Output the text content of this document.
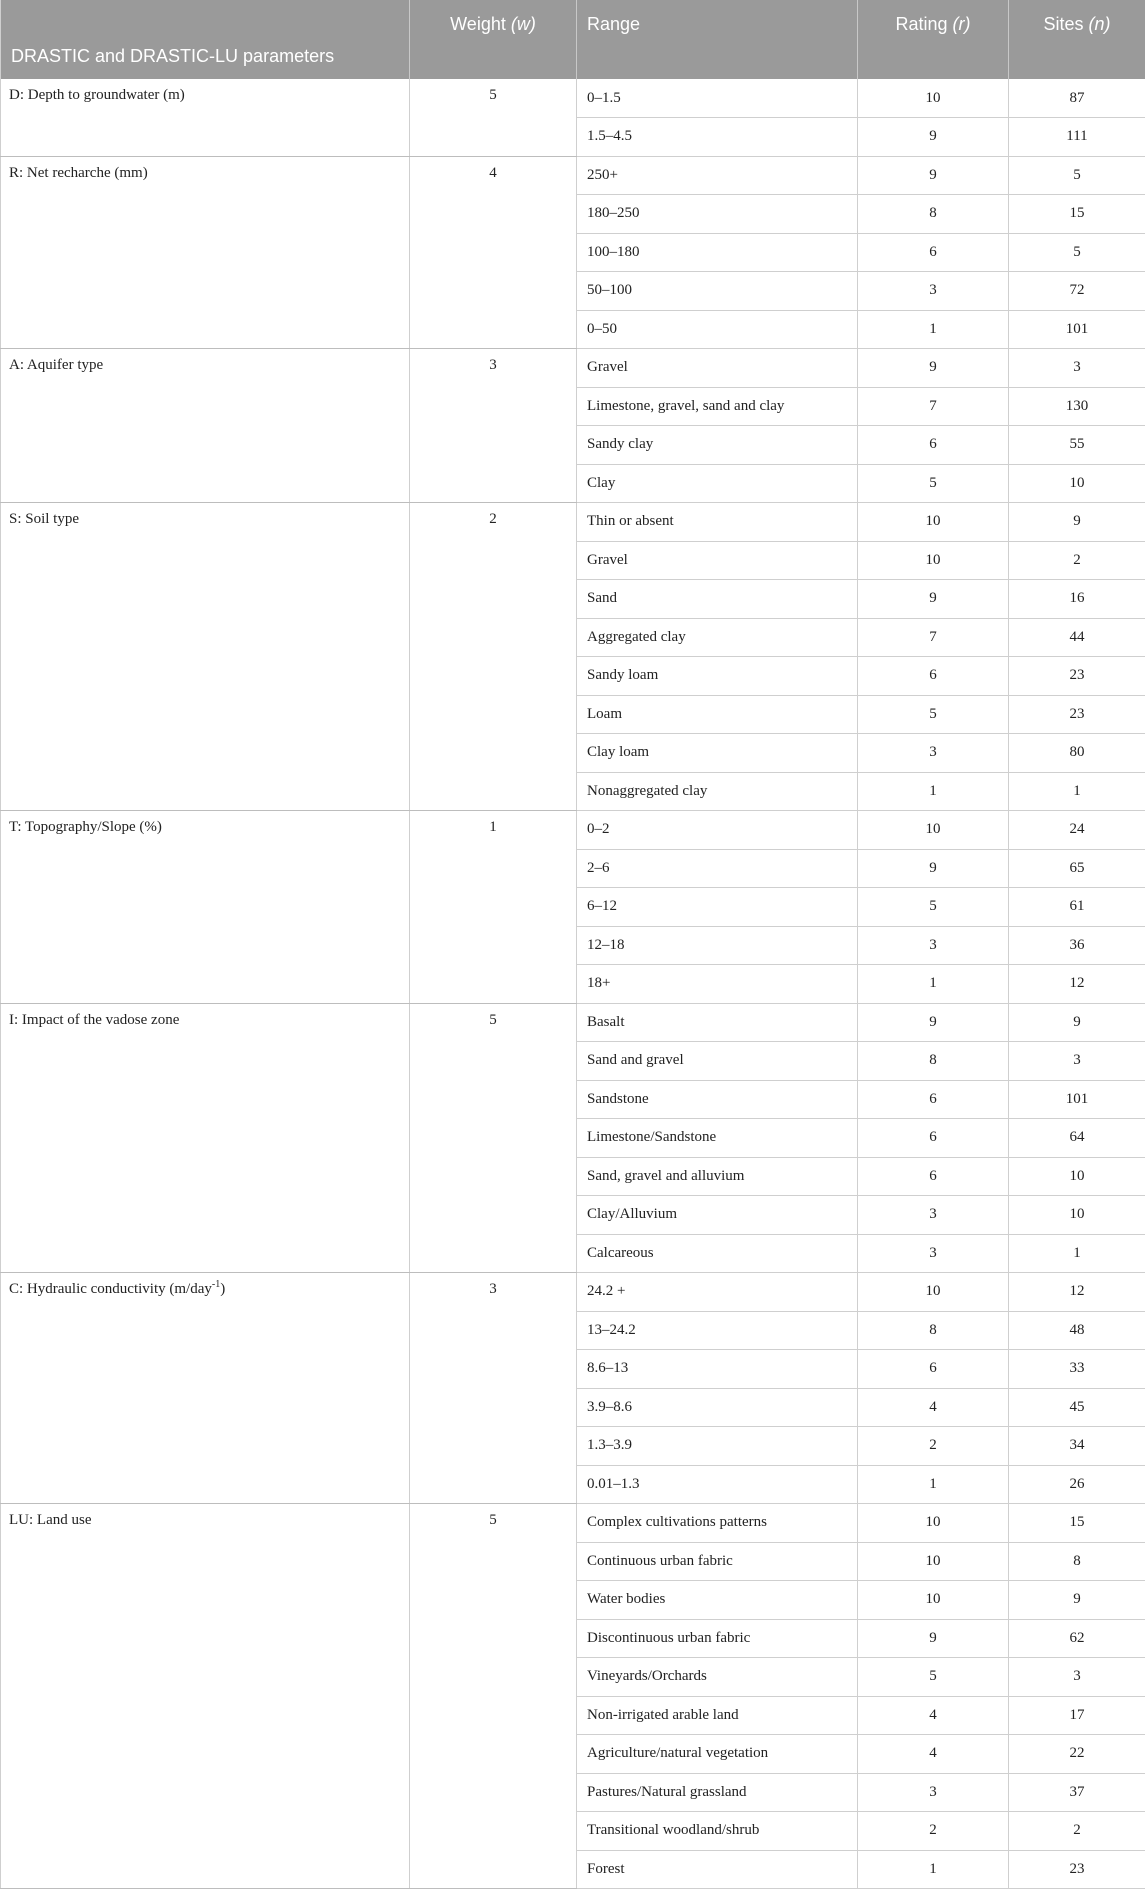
DRASTIC and DRASTIC-LU parameters	Weight (w)	Range	Rating (r)	Sites (n)
D: Depth to groundwater (m)	5	0–1.5	10	87
		1.5–4.5	9	111
R: Net recharche (mm)	4	250+	9	5
		180–250	8	15
		100–180	6	5
		50–100	3	72
		0–50	1	101
A: Aquifer type	3	Gravel	9	3
		Limestone, gravel, sand and clay	7	130
		Sandy clay	6	55
		Clay	5	10
S: Soil type	2	Thin or absent	10	9
		Gravel	10	2
		Sand	9	16
		Aggregated clay	7	44
		Sandy loam	6	23
		Loam	5	23
		Clay loam	3	80
		Nonaggregated clay	1	1
T: Topography/Slope (%)	1	0–2	10	24
		2–6	9	65
		6–12	5	61
		12–18	3	36
		18+	1	12
I: Impact of the vadose zone	5	Basalt	9	9
		Sand and gravel	8	3
		Sandstone	6	101
		Limestone/Sandstone	6	64
		Sand, gravel and alluvium	6	10
		Clay/Alluvium	3	10
		Calcareous	3	1
C: Hydraulic conductivity (m/day$^{-1}$)	3	24.2 +	10	12
		13–24.2	8	48
		8.6–13	6	33
		3.9–8.6	4	45
		1.3–3.9	2	34
		0.01–1.3	1	26
LU: Land use	5	Complex cultivations patterns	10	15
		Continuous urban fabric	10	8
		Water bodies	10	9
		Discontinuous urban fabric	9	62
		Vineyards/Orchards	5	3
		Non-irrigated arable land	4	17
		Agriculture/natural vegetation	4	22
		Pastures/Natural grassland	3	37
		Transitional woodland/shrub	2	2
		Forest	1	23
